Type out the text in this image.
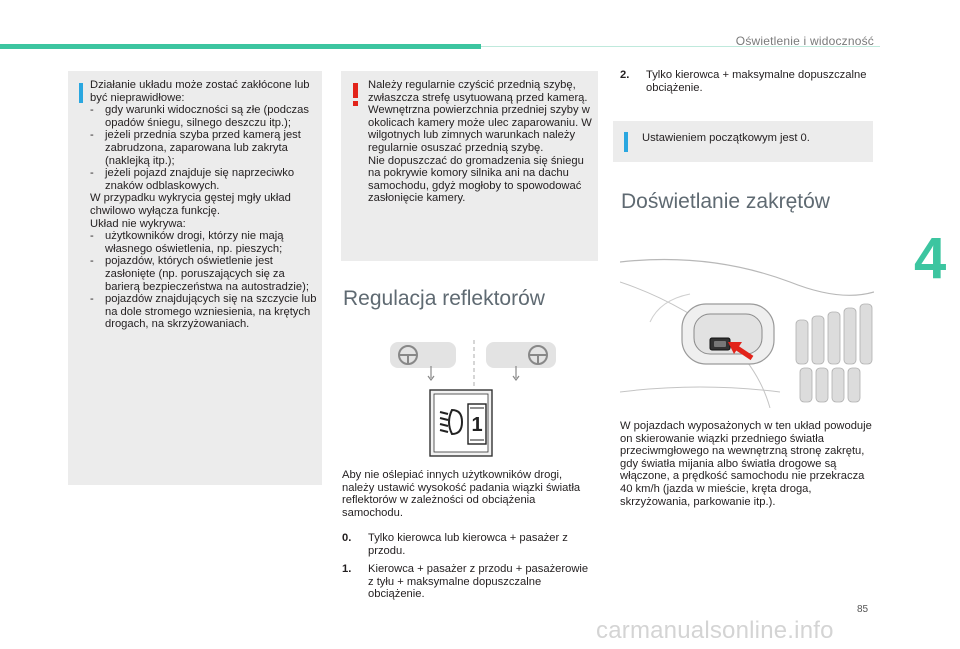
Oświetlenie i widoczność
4

Działanie układu może zostać zakłócone lub być nieprawidłowe:

- gdy warunki widoczności są złe (podczas opadów śniegu, silnego deszczu itp.);
- jeżeli przednia szyba przed kamerą jest zabrudzona, zaparowana lub zakryta (naklejką itp.);
- jeżeli pojazd znajduje się naprzeciwko znaków odblaskowych.

W przypadku wykrycia gęstej mgły układ chwilowo wyłącza funkcję.

Układ nie wykrywa:

- użytkowników drogi, którzy nie mają własnego oświetlenia, np. pieszych;
- pojazdów, których oświetlenie jest zasłonięte (np. poruszających się za barierą bezpieczeństwa na autostradzie);
- pojazdów znajdujących się na szczycie lub na dole stromego wzniesienia, na krętych drogach, na skrzyżowaniach.

Należy regularnie czyścić przednią szybę, zwłaszcza strefę usytuowaną przed kamerą.

Wewnętrzna powierzchnia przedniej szyby w okolicach kamery może ulec zaparowaniu. W wilgotnych lub zimnych warunkach należy regularnie osuszać przednią szybę.

Nie dopuszczać do gromadzenia się śniegu na pokrywie komory silnika ani na dachu samochodu, gdyż mogłoby to spowodować zasłonięcie kamery.

Regulacja reflektorów
1
Aby nie oślepiać innych użytkowników drogi, należy ustawić wysokość padania wiązki światła reflektorów w zależności od obciążenia samochodu.
0. Tylko kierowca lub kierowca + pasażer z przodu.
1. Kierowca + pasażer z przodu + pasażerowie z tyłu + maksymalne dopuszczalne obciążenie.
2. Tylko kierowca + maksymalne dopuszczalne obciążenie.
Ustawieniem początkowym jest 0.
Doświetlanie zakrętów
W pojazdach wyposażonych w ten układ powoduje on skierowanie wiązki przedniego światła przeciwmgłowego na wewnętrzną stronę zakrętu, gdy światła mijania albo światła drogowe są włączone, a prędkość samochodu nie przekracza 40 km/h (jazda w mieście, kręta droga, skrzyżowania, parkowanie itp.).
85
carmanualsonline.info
